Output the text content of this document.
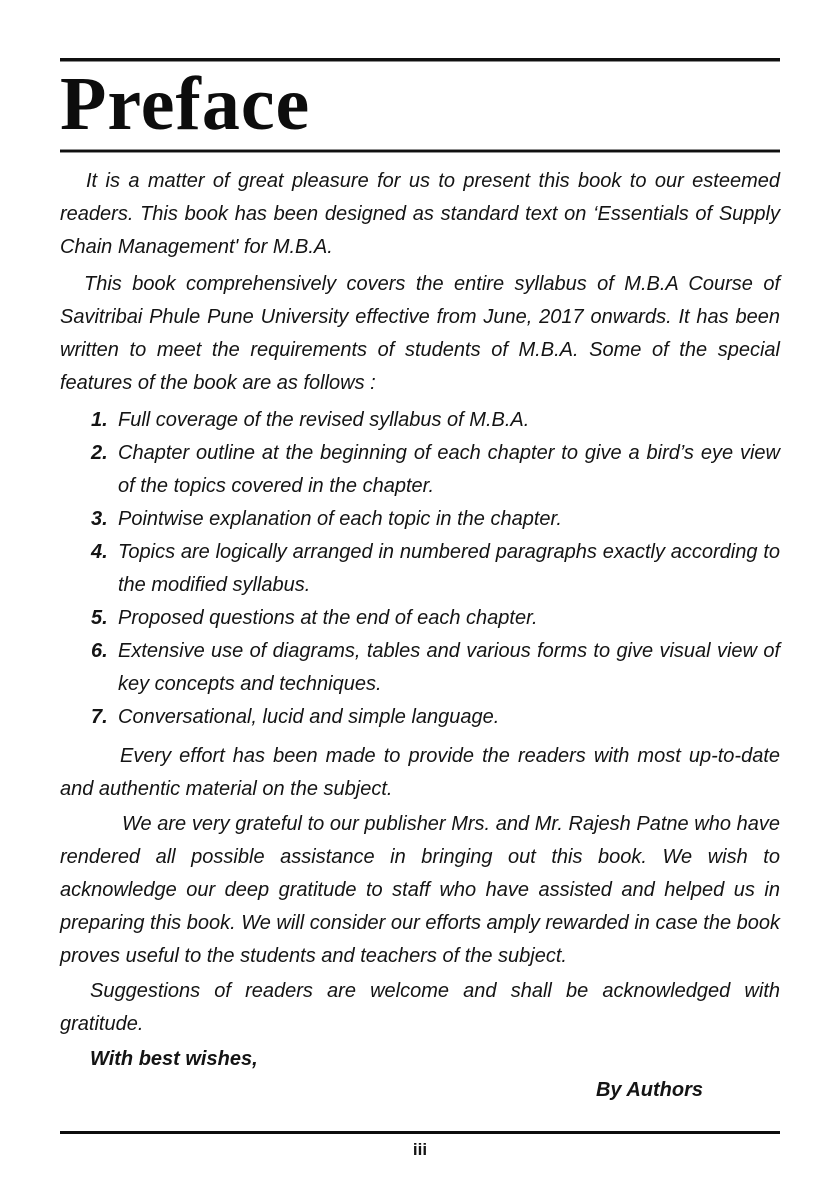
Preface

It is a matter of great pleasure for us to present this book to our esteemed readers. This book has been designed as standard text on ‘Essentials of Supply Chain Management' for M.B.A.

This book comprehensively covers the entire syllabus of M.B.A Course of Savitribai Phule Pune University effective from June, 2017 onwards. It has been written to meet the requirements of students of M.B.A. Some of the special features of the book are as follows :

1. Full coverage of the revised syllabus of M.B.A.
2. Chapter outline at the beginning of each chapter to give a bird’s eye view of the topics covered in the chapter.
3. Pointwise explanation of each topic in the chapter.
4. Topics are logically arranged in numbered paragraphs exactly according to the modified syllabus.
5. Proposed questions at the end of each chapter.
6. Extensive use of diagrams, tables and various forms to give visual view of key concepts and techniques.
7. Conversational, lucid and simple language.

Every effort has been made to provide the readers with most up-to-date and authentic material on the subject.

We are very grateful to our publisher Mrs. and Mr. Rajesh Patne who have rendered all possible assistance in bringing out this book. We wish to acknowledge our deep gratitude to staff who have assisted and helped us in preparing this book. We will consider our efforts amply rewarded in case the book proves useful to the students and teachers of the subject.

Suggestions of readers are welcome and shall be acknowledged with gratitude.

With best wishes,

By Authors

iii
